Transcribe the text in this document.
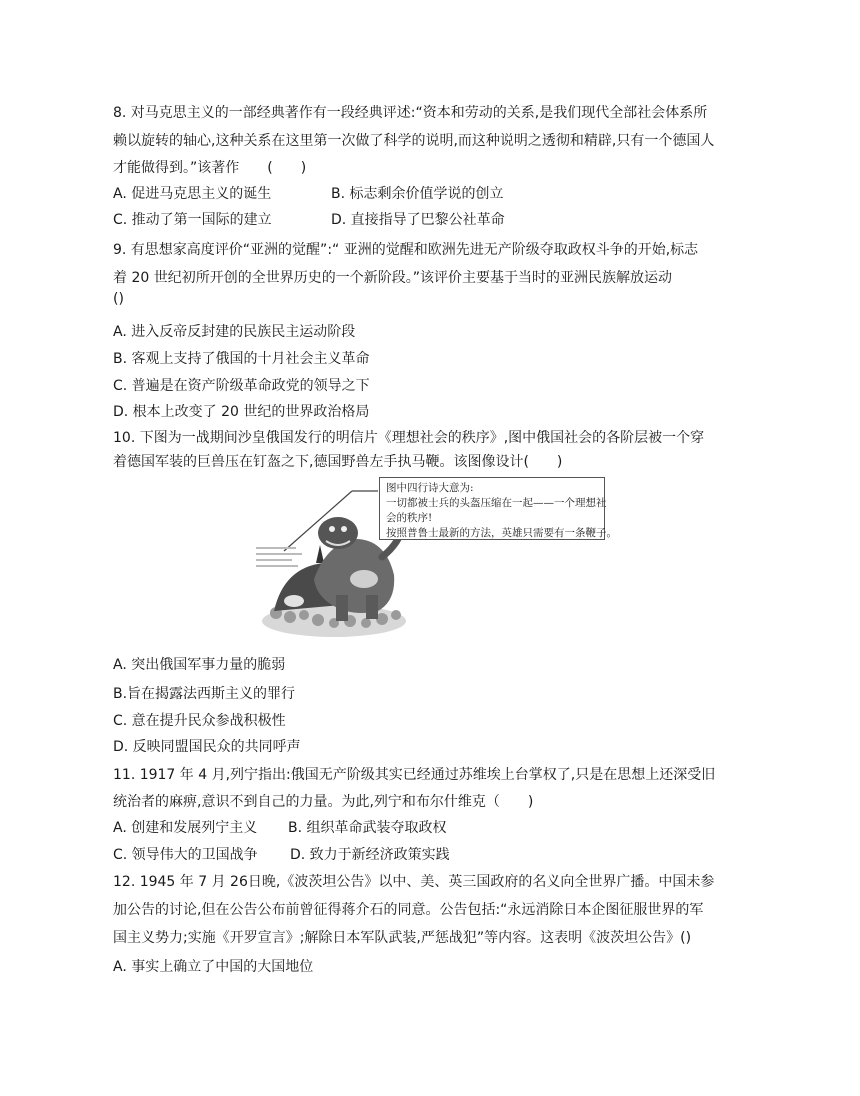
8. 对马克思主义的一部经典著作有一段经典评述:“资本和劳动的关系,是我们现代全部社会体系所
赖以旋转的轴心,这种关系在这里第一次做了科学的说明,而这种说明之透彻和精辟,只有一个德国人
才能做得到。”该著作　　(　　)
A. 促进马克思主义的诞生	B. 标志剩余价值学说的创立
C. 推动了第一国际的建立	D. 直接指导了巴黎公社革命
9. 有思想家高度评价“亚洲的觉醒”:“ 亚洲的觉醒和欧洲先进无产阶级夺取政权斗争的开始,标志
着 20 世纪初所开创的全世界历史的一个新阶段。”该评价主要基于当时的亚洲民族解放运动
()
A. 进入反帝反封建的民族民主运动阶段
B. 客观上支持了俄国的十月社会主义革命
C. 普遍是在资产阶级革命政党的领导之下
D. 根本上改变了 20 世纪的世界政治格局
10. 下图为一战期间沙皇俄国发行的明信片《理想社会的秩序》,图中俄国社会的各阶层被一个穿
着德国军装的巨兽压在钉盔之下,德国野兽左手执马鞭。该图像设计(　　)
图中四行诗大意为:
一切都被士兵的头盔压缩在一起——一个理想社
会的秩序!
按照普鲁士最新的方法，英雄只需要有一条鞭子。
A. 突出俄国军事力量的脆弱
B.旨在揭露法西斯主义的罪行
C. 意在提升民众参战积极性
D. 反映同盟国民众的共同呼声
11. 1917 年 4 月,列宁指出:俄国无产阶级其实已经通过苏维埃上台掌权了,只是在思想上还深受旧
统治者的麻痹,意识不到自己的力量。为此,列宁和布尔什维克（　　)
A. 创建和发展列宁主义 B. 组织革命武装夺取政权
C. 领导伟大的卫国战争 D. 致力于新经济政策实践
12. 1945 年 7 月 26日晚,《波茨坦公告》以中、美、英三国政府的名义向全世界广播。中国未参
加公告的讨论,但在公告公布前曾征得蒋介石的同意。公告包括:“永远消除日本企图征服世界的军
国主义势力;实施《开罗宣言》;解除日本军队武装,严惩战犯”等内容。这表明《波茨坦公告》()
A. 事实上确立了中国的大国地位
